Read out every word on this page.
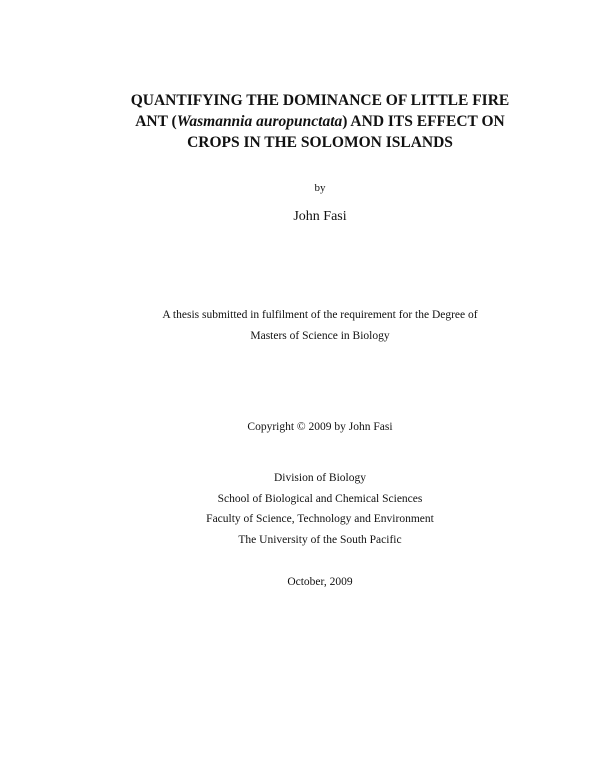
QUANTIFYING THE DOMINANCE OF LITTLE FIRE
ANT (Wasmannia auropunctata) AND ITS EFFECT ON
CROPS IN THE SOLOMON ISLANDS
by
John Fasi
A thesis submitted in fulfilment of the requirement for the Degree of
Masters of Science in Biology
Copyright © 2009 by John Fasi
Division of Biology
School of Biological and Chemical Sciences
Faculty of Science, Technology and Environment
The University of the South Pacific
October, 2009
